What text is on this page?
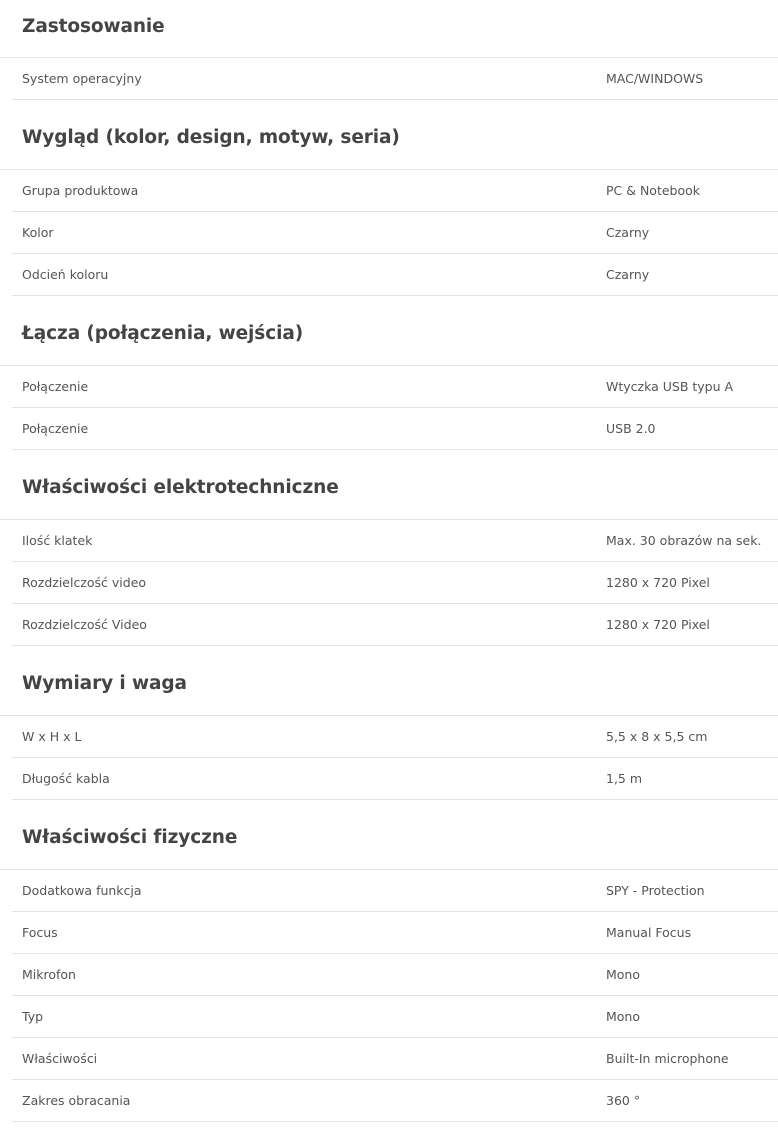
Zastosowanie
System operacyjny	MAC/WINDOWS
Wygląd (kolor, design, motyw, seria)
Grupa produktowa	PC & Notebook
Kolor	Czarny
Odcień koloru	Czarny
Łącza (połączenia, wejścia)
Połączenie	Wtyczka USB typu A
Połączenie	USB 2.0
Właściwości elektrotechniczne
Ilość klatek	Max. 30 obrazów na sek.
Rozdzielczość video	1280 x 720 Pixel
Rozdzielczość Video	1280 x 720 Pixel
Wymiary i waga
W x H x L	5,5 x 8 x 5,5 cm
Długość kabla	1,5 m
Właściwości fizyczne
Dodatkowa funkcja	SPY - Protection
Focus	Manual Focus
Mikrofon	Mono
Typ	Mono
Właściwości	Built-In microphone
Zakres obracania	360 °
